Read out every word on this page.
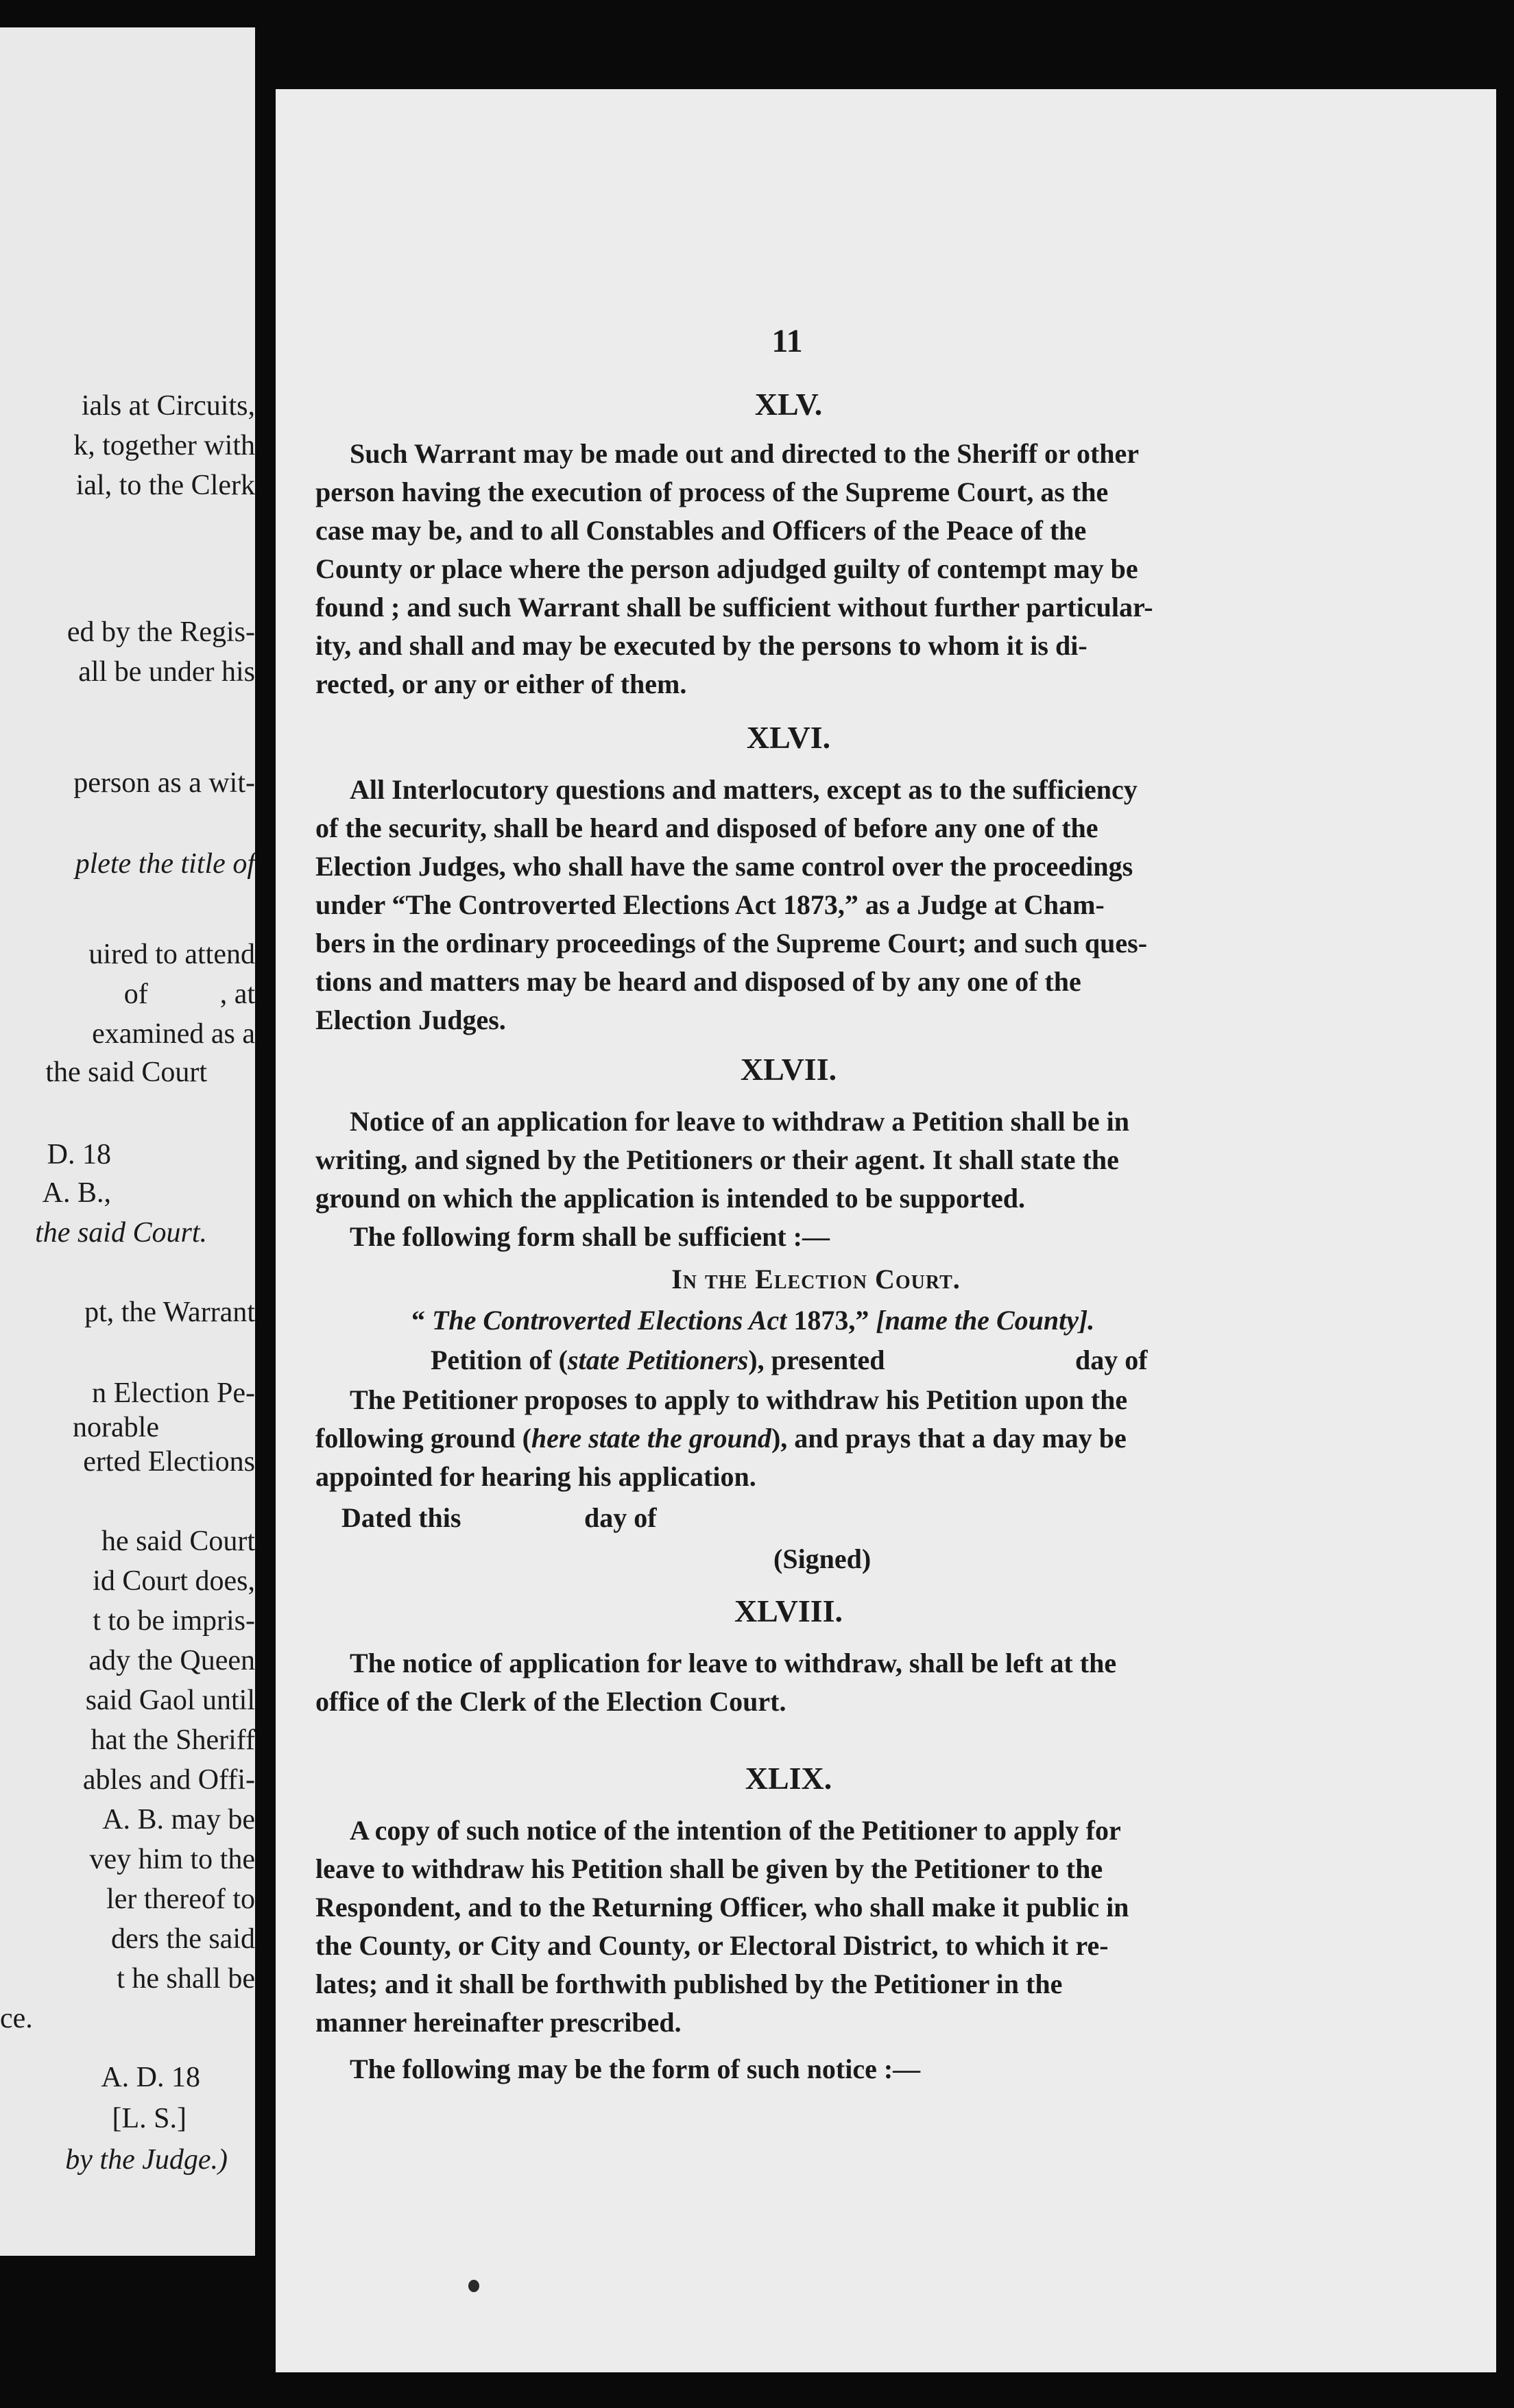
ials at Circuits,
k, together with
ial, to the Clerk
ed by the Regis-
all be under his
person as a wit-
plete the title of
uired to attend
of          , at
examined as a
the said Court
D. 18
A. B.,
the said Court.
pt, the Warrant
n Election Pe-
norable
erted Elections
he said Court
id Court does,
t to be impris-
ady the Queen
said Gaol until
hat the Sheriff
ables and Offi-
A. B. may be
vey him to the
ler thereof to
ders the said
t he shall be
ce.
A. D. 18
[L. S.]
by the Judge.)
11
XLV.
Such Warrant may be made out and directed to the Sheriff or other
person having the execution of process of the Supreme Court, as the
case may be, and to all Constables and Officers of the Peace of the
County or place where the person adjudged guilty of contempt may be
found ; and such Warrant shall be sufficient without further particular-
ity, and shall and may be executed by the persons to whom it is di-
rected, or any or either of them.
XLVI.
All Interlocutory questions and matters, except as to the sufficiency
of the security, shall be heard and disposed of before any one of the
Election Judges, who shall have the same control over the proceedings
under “The Controverted Elections Act 1873,” as a Judge at Cham-
bers in the ordinary proceedings of the Supreme Court; and such ques-
tions and matters may be heard and disposed of by any one of the
Election Judges.
XLVII.
Notice of an application for leave to withdraw a Petition shall be in
writing, and signed by the Petitioners or their agent. It shall state the
ground on which the application is intended to be supported.
The following form shall be sufficient :—
In the Election Court.
“ The Controverted Elections Act 1873,” [name the County].
Petition of (state Petitioners), presented	day of
The Petitioner proposes to apply to withdraw his Petition upon the
following ground (here state the ground), and prays that a day may be
appointed for hearing his application.
Dated this	day of
(Signed)
XLVIII.
The notice of application for leave to withdraw, shall be left at the
office of the Clerk of the Election Court.
XLIX.
A copy of such notice of the intention of the Petitioner to apply for
leave to withdraw his Petition shall be given by the Petitioner to the
Respondent, and to the Returning Officer, who shall make it public in
the County, or City and County, or Electoral District, to which it re-
lates; and it shall be forthwith published by the Petitioner in the
manner hereinafter prescribed.
The following may be the form of such notice :—
